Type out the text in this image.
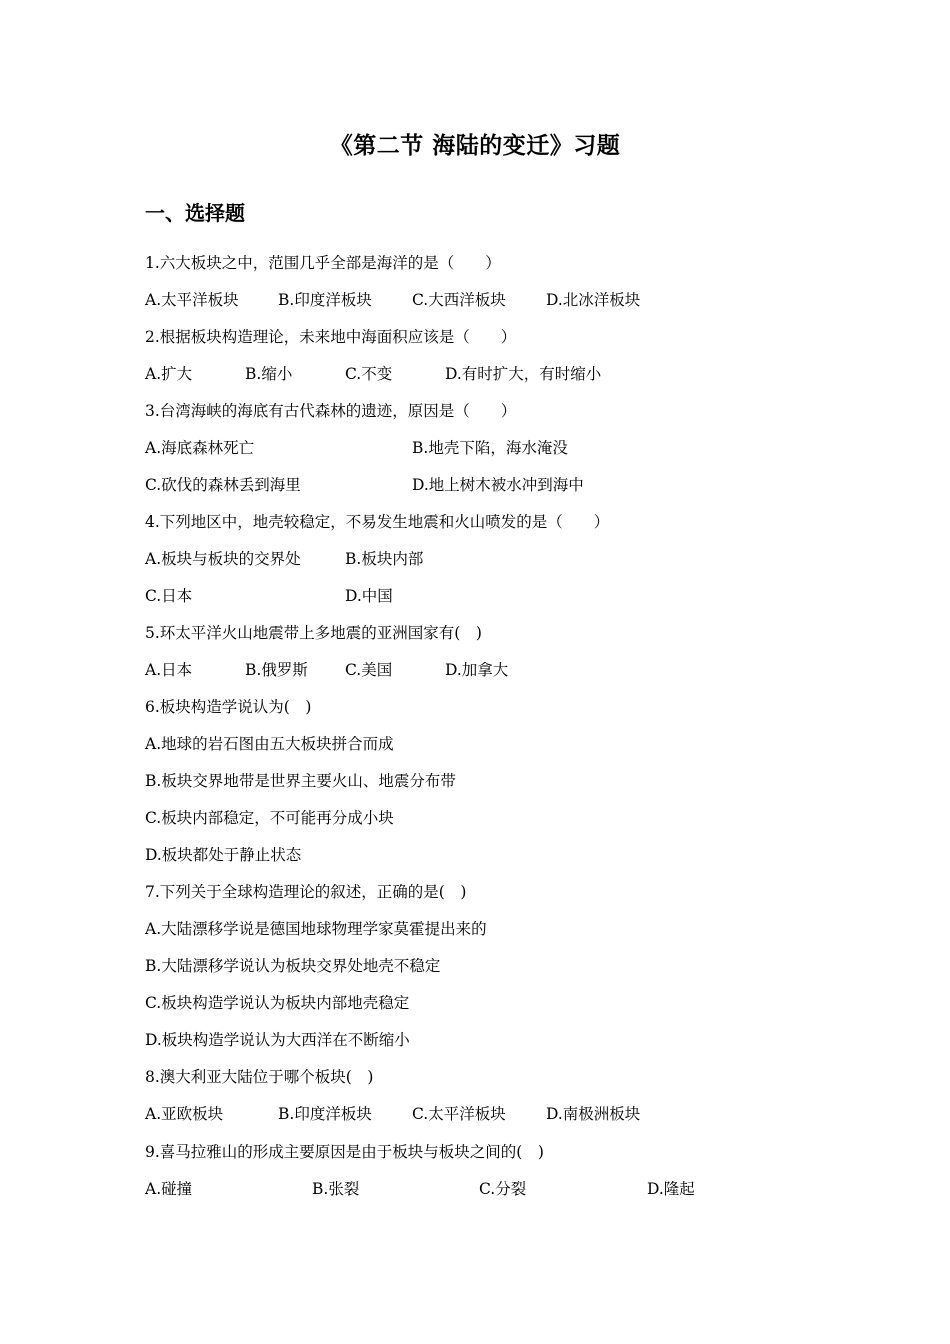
《第二节 海陆的变迁》习题
一、选择题
1.六大板块之中，范围几乎全部是海洋的是（　　）
A.太平洋板块	B.印度洋板块	C.大西洋板块	D.北冰洋板块
2.根据板块构造理论，未来地中海面积应该是（　　）
A.扩大	B.缩小	C.不变	D.有时扩大，有时缩小
3.台湾海峡的海底有古代森林的遗迹，原因是（　　）
A.海底森林死亡	B.地壳下陷，海水淹没
C.砍伐的森林丢到海里	D.地上树木被水冲到海中
4.下列地区中，地壳较稳定，不易发生地震和火山喷发的是（　　）
A.板块与板块的交界处	B.板块内部
C.日本	D.中国
5.环太平洋火山地震带上多地震的亚洲国家有(　)
A.日本	B.俄罗斯 C.美国	D.加拿大
6.板块构造学说认为(　)
A.地球的岩石图由五大板块拼合而成
B.板块交界地带是世界主要火山、地震分布带
C.板块内部稳定，不可能再分成小块
D.板块都处于静止状态
7.下列关于全球构造理论的叙述，正确的是(　)
A.大陆漂移学说是德国地球物理学家莫霍提出来的
B.大陆漂移学说认为板块交界处地壳不稳定
C.板块构造学说认为板块内部地壳稳定
D.板块构造学说认为大西洋在不断缩小
8.澳大利亚大陆位于哪个板块(　)
A.亚欧板块	B.印度洋板块	C.太平洋板块	D.南极洲板块
9.喜马拉雅山的形成主要原因是由于板块与板块之间的(　)
A.碰撞	B.张裂	C.分裂	D.隆起
